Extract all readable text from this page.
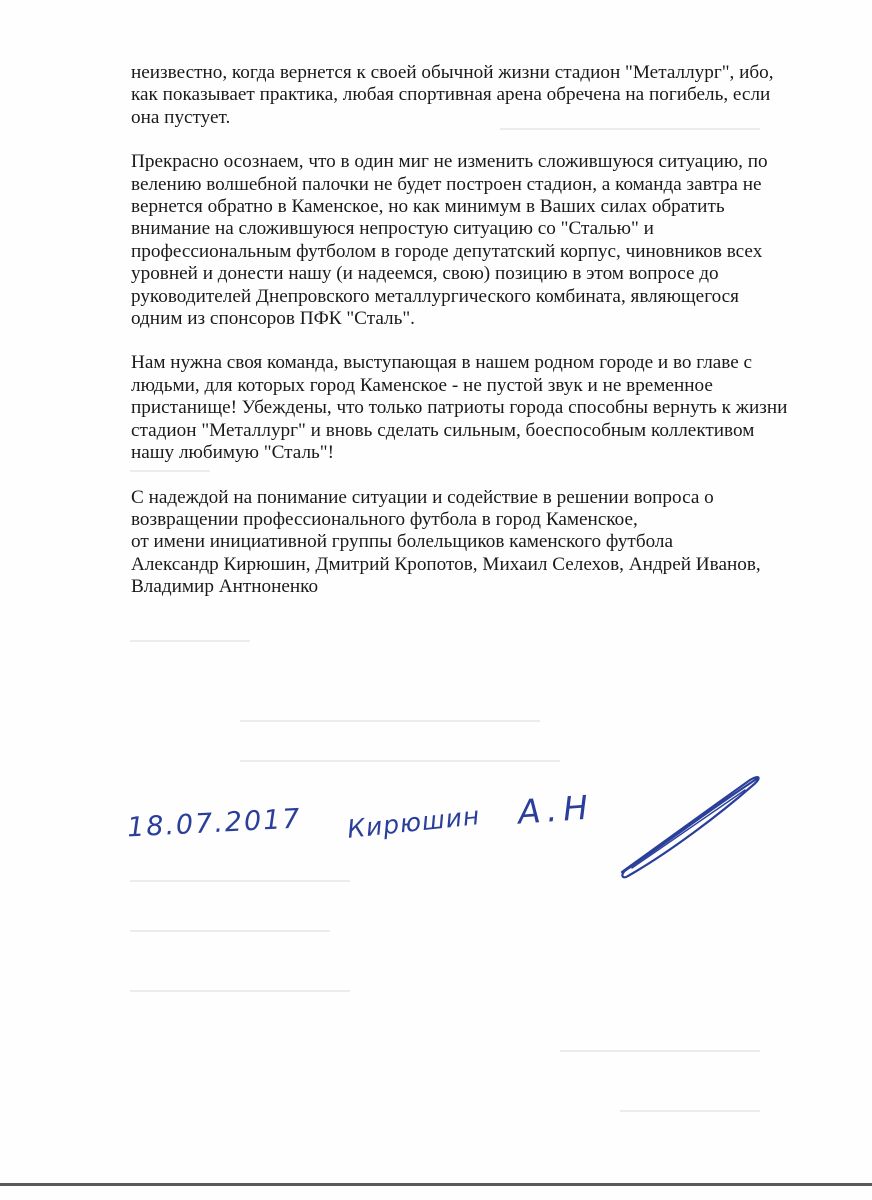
неизвестно, когда вернется к своей обычной жизни стадион "Металлург", ибо,
как показывает практика, любая спортивная арена обречена на погибель, если
она пустует.

Прекрасно осознаем, что в один миг не изменить сложившуюся ситуацию, по
велению волшебной палочки не будет построен стадион, а команда завтра не
вернется обратно в Каменское, но как минимум в Ваших силах обратить
внимание на сложившуюся непростую ситуацию со "Сталью" и
профессиональным футболом в городе депутатский корпус, чиновников всех
уровней и донести нашу (и надеемся, свою) позицию в этом вопросе до
руководителей Днепровского металлургического комбината, являющегося
одним из спонсоров ПФК "Сталь".

Нам нужна своя команда, выступающая в нашем родном городе и во главе с
людьми, для которых город Каменское - не пустой звук и не временное
пристанище! Убеждены, что только патриоты города способны вернуть к жизни
стадион "Металлург" и вновь сделать сильным, боеспособным коллективом
нашу любимую "Сталь"!

С надеждой на понимание ситуации и содействие в решении вопроса о
возвращении профессионального футбола в город Каменское,
от имени инициативной группы болельщиков каменского футбола
Александр Кирюшин, Дмитрий Кропотов, Михаил Селехов, Андрей Иванов,
Владимир Антноненко

18.07.2017 Кирюшин А.Н
